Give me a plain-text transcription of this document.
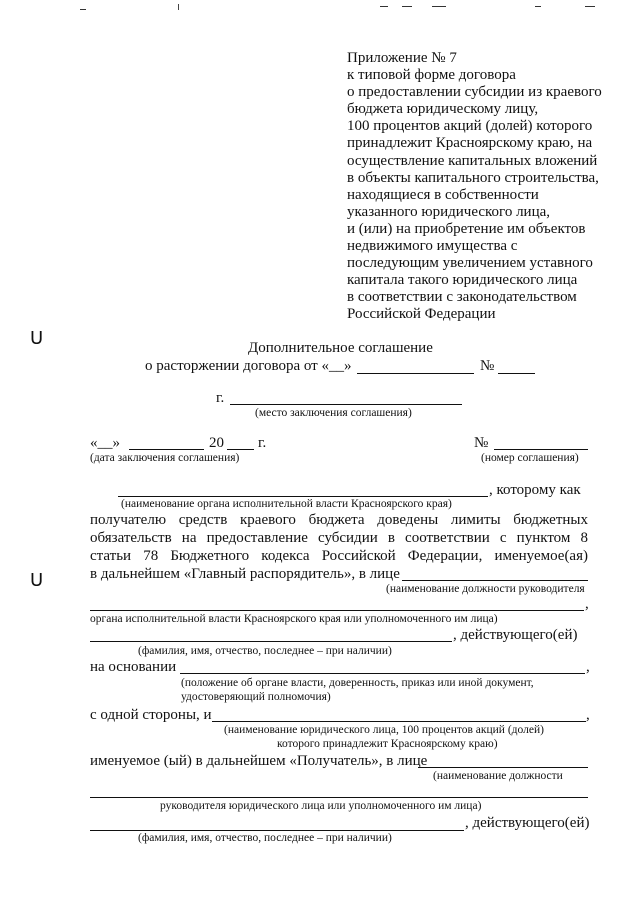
ᑌ
ᑌ
Приложение № 7
к типовой форме договора
о предоставлении субсидии из краевого
бюджета юридическому лицу,
100 процентов акций (долей) которого
принадлежит Красноярскому краю, на
осуществление капитальных вложений
в объекты капитального строительства,
находящиеся в собственности
указанного юридического лица,
и (или) на приобретение им объектов
недвижимого имущества с
последующим увеличением уставного
капитала такого юридического лица
в соответствии с законодательством
Российской Федерации
Дополнительное соглашение
о расторжении договора от «__»	№
г.
(место заключения соглашения)
«__»	20 г.
(дата заключения соглашения)
№
(номер соглашения)
, которому как
(наименование органа исполнительной власти Красноярского края)
получателю средств краевого бюджета доведены лимиты бюджетных
обязательств на предоставление субсидии в соответствии с пунктом 8
статьи 78 Бюджетного кодекса Российской Федерации, именуемое(ая)
в дальнейшем «Главный распорядитель», в лице
(наименование должности руководителя
,
органа исполнительной власти Красноярского края или уполномоченного им лица)
, действующего(ей)
(фамилия, имя, отчество, последнее – при наличии)
на основании	,
(положение об органе власти, доверенность, приказ или иной документ,
удостоверяющий полномочия)
с одной стороны, и	,
(наименование юридического лица, 100 процентов акций (долей)
которого принадлежит Красноярскому краю)
именуемое (ый) в дальнейшем «Получатель», в лице
(наименование должности
руководителя юридического лица или уполномоченного им лица)
, действующего(ей)
(фамилия, имя, отчество, последнее – при наличии)
